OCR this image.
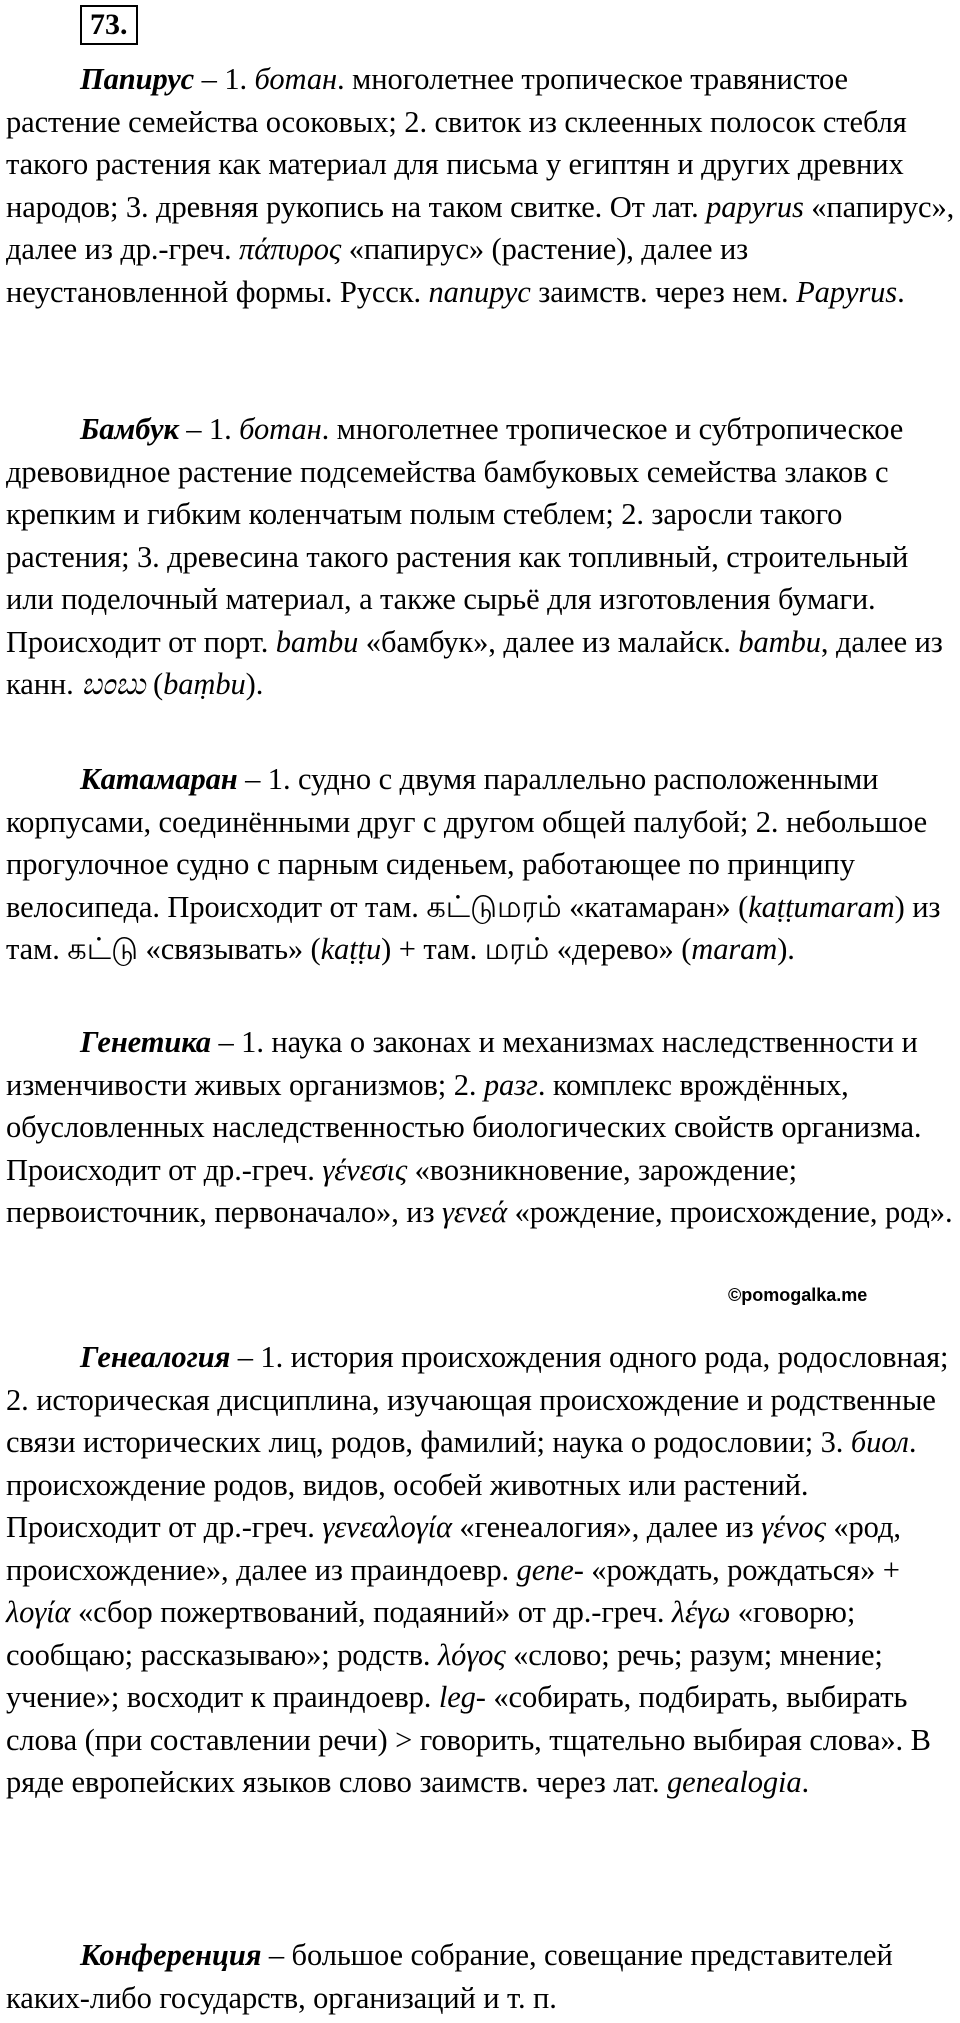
73.

Папирус – 1. ботан. многолетнее тропическое травянистое растение семейства осоковых; 2. свиток из склеенных полосок стебля такого растения как материал для письма у египтян и других древних народов; 3. древняя рукопись на таком свитке. От лат. papyrus «папирус», далее из др.-греч. πάπυρος «папирус» (растение), далее из неустановленной формы. Русск. папирус заимств. через нем. Papyrus.

Бамбук – 1. ботан. многолетнее тропическое и субтропическое древовидное растение подсемейства бамбуковых семейства злаков с крепким и гибким коленчатым полым стеблем; 2. заросли такого растения; 3. древесина такого растения как топливный, строительный или поделочный материал, а также сырьё для изготовления бумаги. Происходит от порт. bambu «бамбук», далее из малайск. bambu, далее из канн. ಬಂಬು (baṃbu).

Катамаран – 1. судно с двумя параллельно расположенными корпусами, соединёнными друг с другом общей палубой; 2. небольшое прогулочное судно с парным сиденьем, работающее по принципу велосипеда. Происходит от там. கட்டுமரம் «катамаран» (kaṭṭumaram) из там. கட்டு «связывать» (kaṭṭu) + там. மரம் «дерево» (maram).

Генетика – 1. наука о законах и механизмах наследственности и изменчивости живых организмов; 2. разг. комплекс врождённых, обусловленных наследственностью биологических свойств организма. Происходит от др.-греч. γένεσις «возникновение, зарождение; первоисточник, первоначало», из γενεά «рождение, происхождение, род».

Генеалогия – 1. история происхождения одного рода, родословная; 2. историческая дисциплина, изучающая происхождение и родственные связи исторических лиц, родов, фамилий; наука о родословии; 3. биол. происхождение родов, видов, особей животных или растений. Происходит от др.-греч. γενεαλογία «генеалогия», далее из γένος «род, происхождение», далее из праиндоевр. gene- «рождать, рождаться» + λογία «сбор пожертвований, подаяний» от др.-греч. λέγω «говорю; сообщаю; рассказываю»; родств. λόγος «слово; речь; разум; мнение; учение»; восходит к праиндоевр. leg- «собирать, подбирать, выбирать слова (при составлении речи) > говорить, тщательно выбирая слова». В ряде европейских языков слово заимств. через лат. genealogia.

Конференция – большое собрание, совещание представителей каких-либо государств, организаций и т. п.

©pomogalka.me
